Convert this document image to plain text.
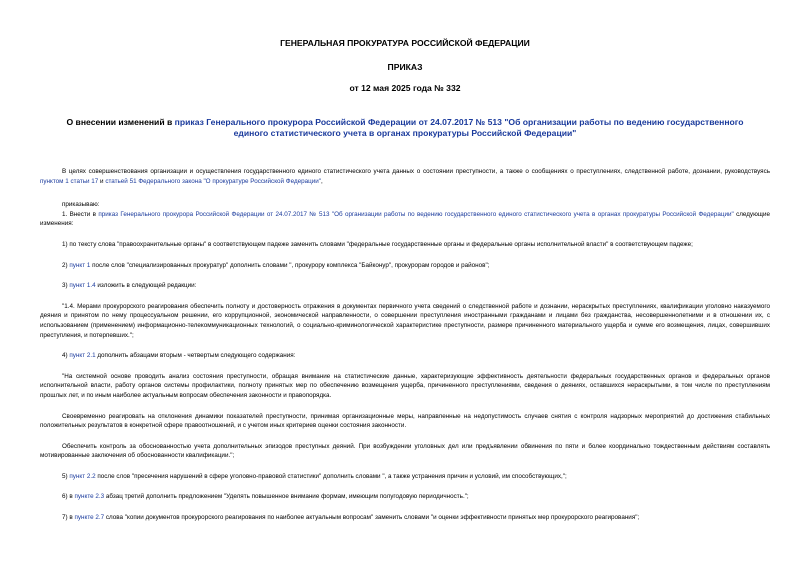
ГЕНЕРАЛЬНАЯ ПРОКУРАТУРА РОССИЙСКОЙ ФЕДЕРАЦИИ
ПРИКАЗ
от 12 мая 2025 года № 332
О внесении изменений в приказ Генерального прокурора Российской Федерации от 24.07.2017 № 513 "Об организации работы по ведению государственного единого статистического учета в органах прокуратуры Российской Федерации"

В целях совершенствования организации и осуществления государственного единого статистического учета данных о состоянии преступности, а также о сообщениях о преступлениях, следственной работе, дознании, руководствуясь пунктом 1 статьи 17 и статьей 51 Федерального закона "О прокуратуре Российской Федерации",

приказываю:

1. Внести в приказ Генерального прокурора Российской Федерации от 24.07.2017 № 513 "Об организации работы по ведению государственного единого статистического учета в органах прокуратуры Российской Федерации" следующие изменения:

1) по тексту слова "правоохранительные органы" в соответствующем падеже заменить словами "федеральные государственные органы и федеральные органы исполнительной власти" в соответствующем падеже;

2) пункт 1 после слов "специализированных прокуратур" дополнить словами ", прокурору комплекса "Байконур", прокурорам городов и районов";

3) пункт 1.4 изложить в следующей редакции:

"1.4. Мерами прокурорского реагирования обеспечить полноту и достоверность отражения в документах первичного учета сведений о следственной работе и дознании, нераскрытых преступлениях, квалификации уголовно наказуемого деяния и принятом по нему процессуальном решении, его коррупционной, экономической направленности, о совершении преступления иностранными гражданами и лицами без гражданства, несовершеннолетними и в отношении их, с использованием (применением) информационно-телекоммуникационных технологий, о социально-криминологической характеристике преступности, размере причиненного материального ущерба и сумме его возмещения, лицах, совершивших преступления, и потерпевших.";

4) пункт 2.1 дополнить абзацами вторым - четвертым следующего содержания:

"На системной основе проводить анализ состояния преступности, обращая внимание на статистические данные, характеризующие эффективность деятельности федеральных государственных органов и федеральных органов исполнительной власти, работу органов системы профилактики, полноту принятых мер по обеспечению возмещения ущерба, причиненного преступлениями, сведения о деяниях, оставшихся нераскрытыми, в том числе по преступлениям прошлых лет, и по иным наиболее актуальным вопросам обеспечения законности и правопорядка.

Своевременно реагировать на отклонения динамики показателей преступности, принимая организационные меры, направленные на недопустимость случаев снятия с контроля надзорных мероприятий до достижения стабильных положительных результатов в конкретной сфере правоотношений, и с учетом иных критериев оценки состояния законности.

Обеспечить контроль за обоснованностью учета дополнительных эпизодов преступных деяний. При возбуждении уголовных дел или предъявлении обвинения по пяти и более координально тождественным действиям составлять мотивированные заключения об обоснованности квалификации.";

5) пункт 2.2 после слов "пресечения нарушений в сфере уголовно-правовой статистики" дополнить словами ", а также устранения причин и условий, им способствующих,";

6) в пункте 2.3 абзац третий дополнить предложением "Уделять повышенное внимание формам, имеющим полугодовую периодичность.";

7) в пункте 2.7 слова "копии документов прокурорского реагирования по наиболее актуальным вопросам" заменить словами "и оценки эффективности принятых мер прокурорского реагирования";
